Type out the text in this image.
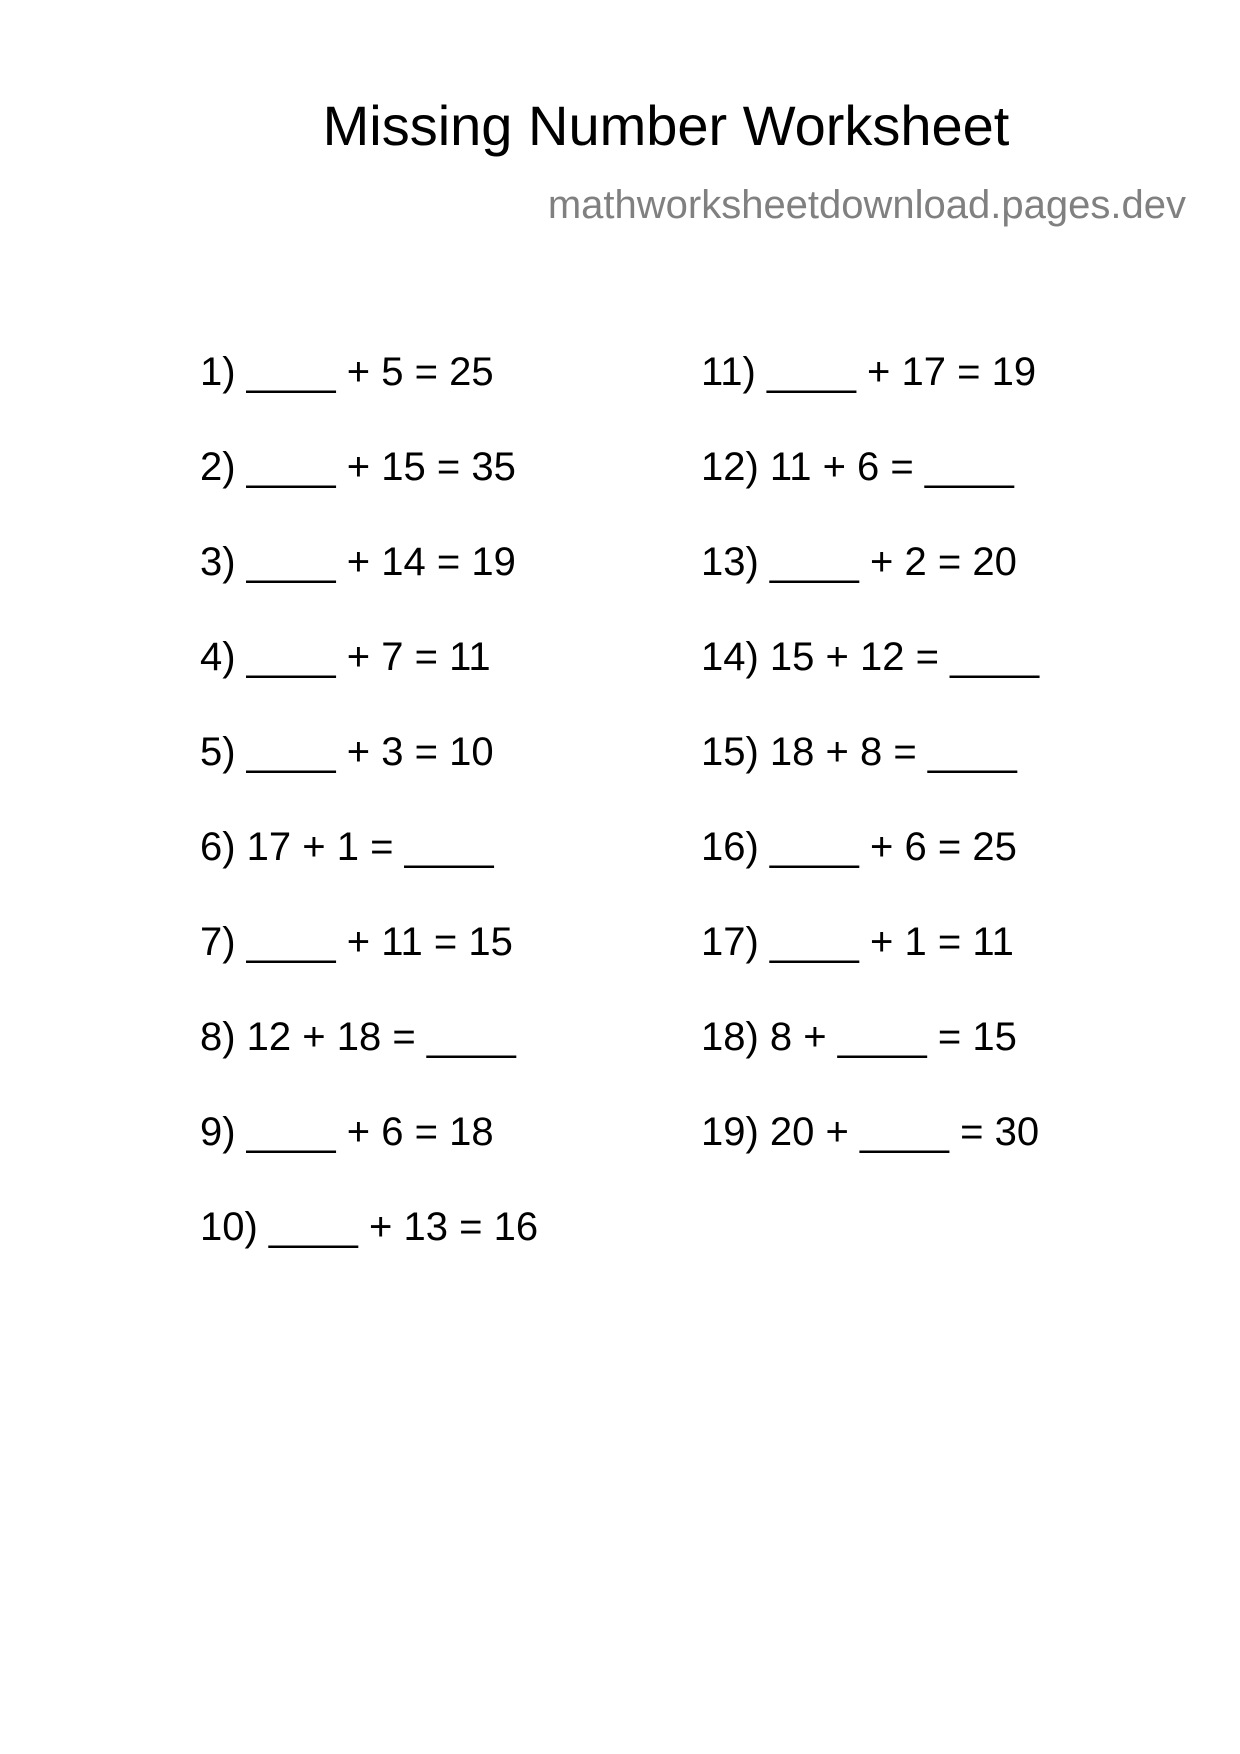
Missing Number Worksheet
mathworksheetdownload.pages.dev
1) ____ + 5 = 25
2) ____ + 15 = 35
3) ____ + 14 = 19
4) ____ + 7 = 11
5) ____ + 3 = 10
6) 17 + 1 = ____
7) ____ + 11 = 15
8) 12 + 18 = ____
9) ____ + 6 = 18
10) ____ + 13 = 16
11) ____ + 17 = 19
12) 11 + 6 = ____
13) ____ + 2 = 20
14) 15 + 12 = ____
15) 18 + 8 = ____
16) ____ + 6 = 25
17) ____ + 1 = 11
18) 8 + ____ = 15
19) 20 + ____ = 30
